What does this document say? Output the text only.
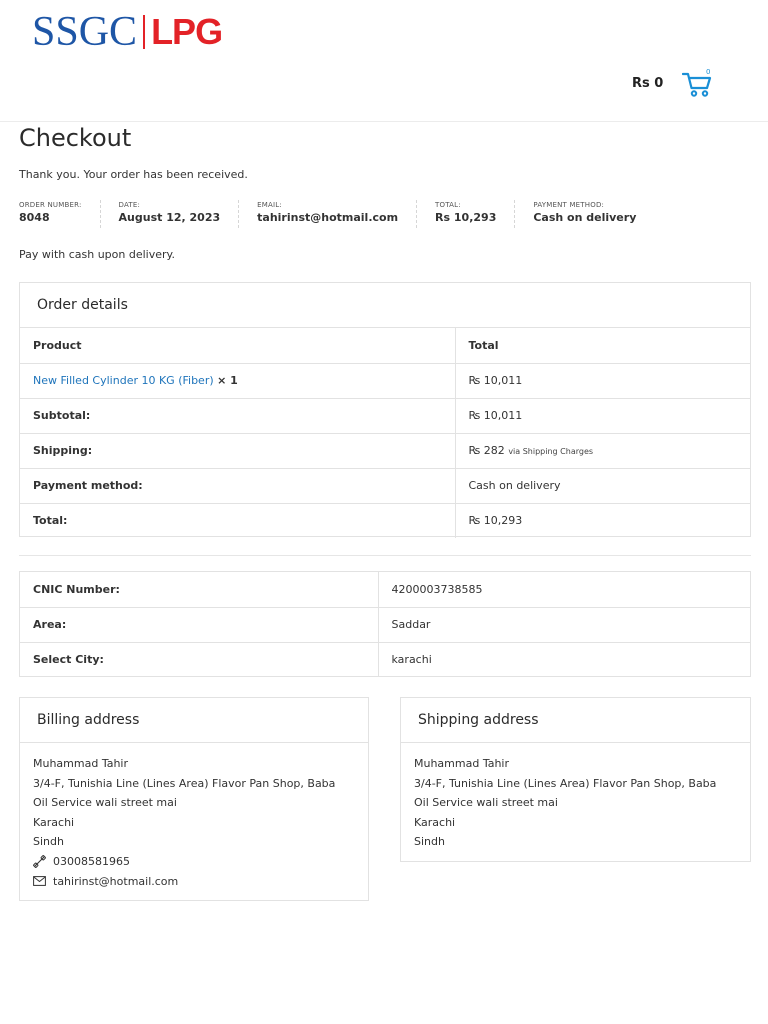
SSGC LPG
Rs 0
0
Checkout

Thank you. Your order has been received.

ORDER NUMBER:
8048
DATE:
August 12, 2023
EMAIL:
tahirinst@hotmail.com
TOTAL:
Rs 10,293
PAYMENT METHOD:
Cash on delivery

Pay with cash upon delivery.

Order details
Product	Total
New Filled Cylinder 10 KG (Fiber) × 1	₨ 10,011
Subtotal:	₨ 10,011
Shipping:	₨ 282 via Shipping Charges
Payment method:	Cash on delivery
Total:	₨ 10,293
CNIC Number:	4200003738585
Area:	Saddar
Select City:	karachi
Billing address
Muhammad Tahir
3/4-F, Tunishia Line (Lines Area) Flavor Pan Shop, Baba
Oil Service wali street mai
Karachi
Sindh
03008581965
tahirinst@hotmail.com
Shipping address
Muhammad Tahir
3/4-F, Tunishia Line (Lines Area) Flavor Pan Shop, Baba
Oil Service wali street mai
Karachi
Sindh
